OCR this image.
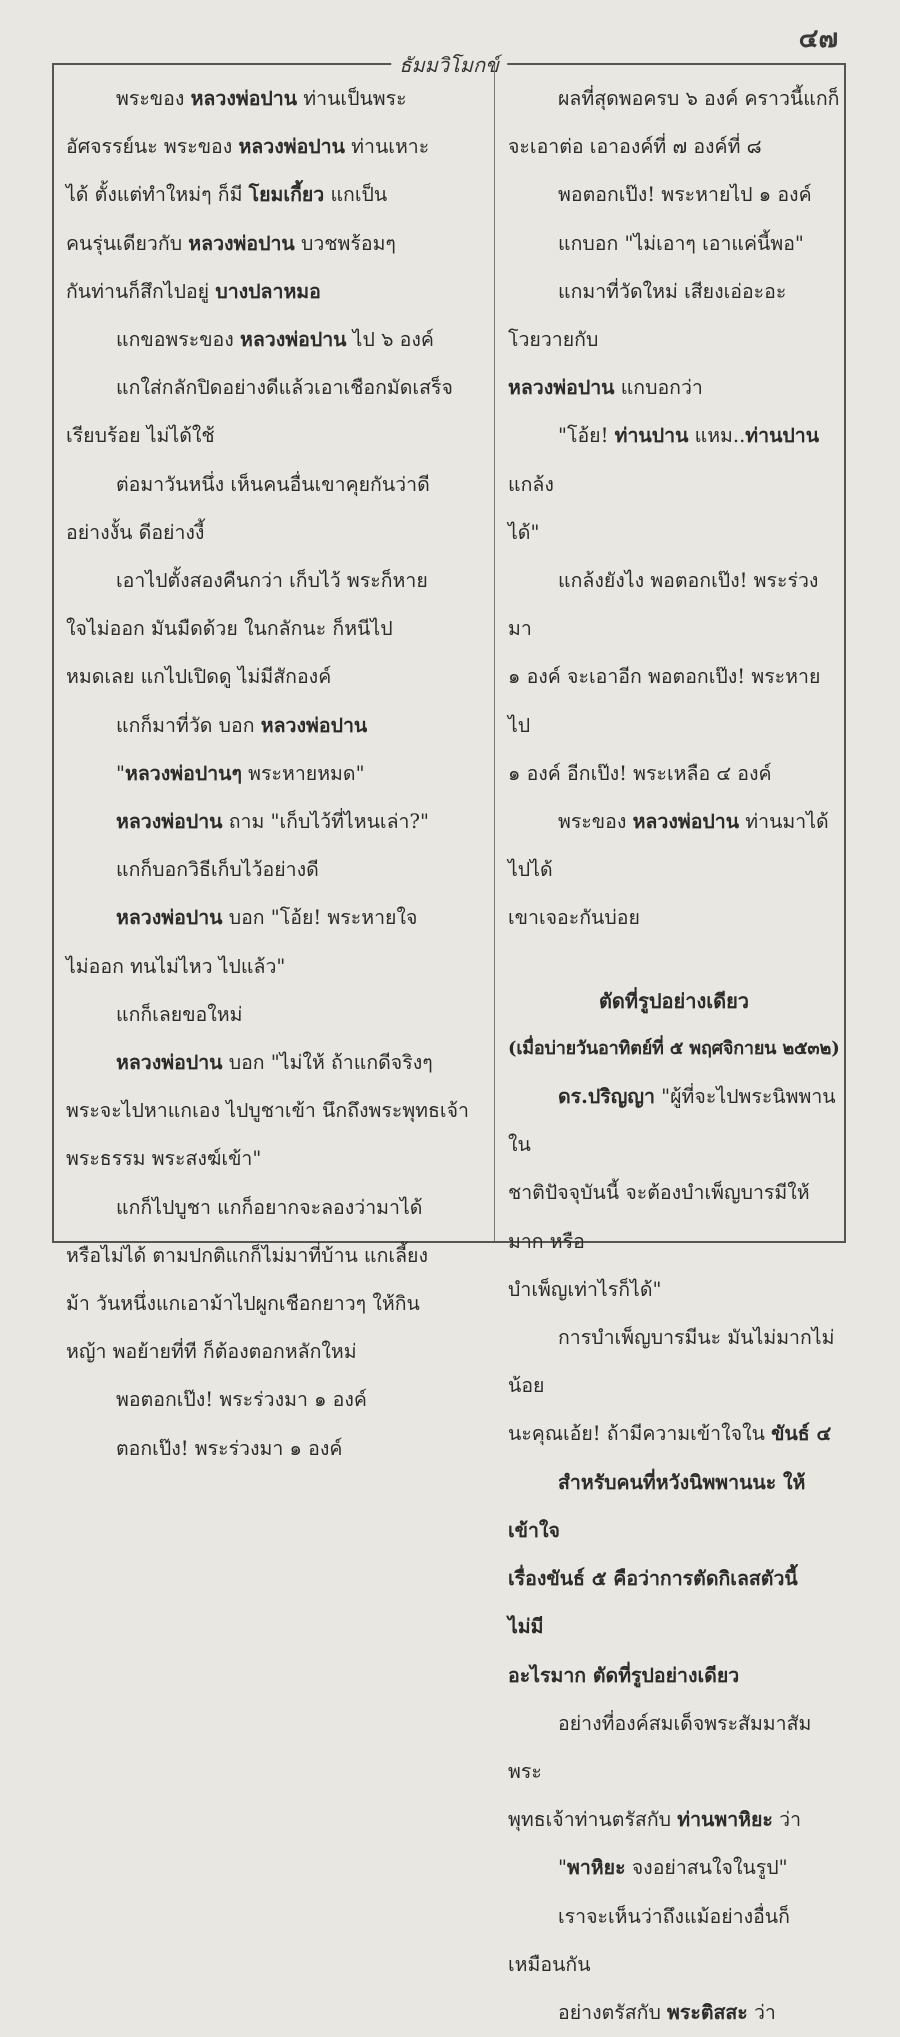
๔๗
ธัมมวิโมกข์

พระของ หลวงพ่อปาน ท่านเป็นพระ

อัศจรรย์นะ พระของ หลวงพ่อปาน ท่านเหาะ

ได้ ตั้งแต่ทำใหม่ๆ ก็มี โยมเกี้ยว แกเป็น

คนรุ่นเดียวกับ หลวงพ่อปาน บวชพร้อมๆ

กันท่านก็สึกไปอยู่ บางปลาหมอ

แกขอพระของ หลวงพ่อปาน ไป ๖ องค์

แกใส่กลักปิดอย่างดีแล้วเอาเชือกมัดเสร็จ

เรียบร้อย ไม่ได้ใช้

ต่อมาวันหนึ่ง เห็นคนอื่นเขาคุยกันว่าดี

อย่างงั้น ดีอย่างงี้

เอาไปตั้งสองคืนกว่า เก็บไว้ พระก็หาย

ใจไม่ออก มันมืดด้วย ในกลักนะ ก็หนีไป

หมดเลย แกไปเปิดดู ไม่มีสักองค์

แกก็มาที่วัด บอก หลวงพ่อปาน

"หลวงพ่อปานๆ พระหายหมด"

หลวงพ่อปาน ถาม "เก็บไว้ที่ไหนเล่า?"

แกก็บอกวิธีเก็บไว้อย่างดี

หลวงพ่อปาน บอก "โอ้ย! พระหายใจ

ไม่ออก ทนไม่ไหว ไปแล้ว"

แกก็เลยขอใหม่

หลวงพ่อปาน บอก "ไม่ให้ ถ้าแกดีจริงๆ

พระจะไปหาแกเอง ไปบูชาเข้า นึกถึงพระพุทธเจ้า

พระธรรม พระสงฆ์เข้า"

แกก็ไปบูชา แกก็อยากจะลองว่ามาได้

หรือไม่ได้ ตามปกติแกก็ไม่มาที่บ้าน แกเลี้ยง

ม้า วันหนึ่งแกเอาม้าไปผูกเชือกยาวๆ ให้กิน

หญ้า พอย้ายที่ที ก็ต้องตอกหลักใหม่

พอตอกเป๊ง! พระร่วงมา ๑ องค์

ตอกเป๊ง! พระร่วงมา ๑ องค์

ผลที่สุดพอครบ ๖ องค์ คราวนี้แกก็

จะเอาต่อ เอาองค์ที่ ๗ องค์ที่ ๘

พอตอกเป๊ง! พระหายไป ๑ องค์

แกบอก "ไม่เอาๆ เอาแค่นี้พอ"

แกมาที่วัดใหม่ เสียงเอ่อะอะโวยวายกับ

หลวงพ่อปาน แกบอกว่า

"โอ้ย! ท่านปาน แหม..ท่านปาน แกล้ง

ได้"

แกล้งยังไง พอตอกเป๊ง! พระร่วงมา

๑ องค์ จะเอาอีก พอตอกเป๊ง! พระหายไป

๑ องค์ อีกเป๊ง! พระเหลือ ๔ องค์

พระของ หลวงพ่อปาน ท่านมาได้ไปได้

เขาเจอะกันบ่อย

ตัดที่รูปอย่างเดียว

(เมื่อบ่ายวันอาทิตย์ที่ ๕ พฤศจิกายน ๒๕๓๒)

ดร.ปริญญา "ผู้ที่จะไปพระนิพพานใน

ชาติปัจจุบันนี้ จะต้องบำเพ็ญบารมีให้มาก หรือ

บำเพ็ญเท่าไรก็ได้"

การบำเพ็ญบารมีนะ มันไม่มากไม่น้อย

นะคุณเอ้ย! ถ้ามีความเข้าใจใน ขันธ์ ๔

สำหรับคนที่หวังนิพพานนะ ให้เข้าใจ

เรื่องขันธ์ ๕ คือว่าการตัดกิเลสตัวนี้ ไม่มี

อะไรมาก ตัดที่รูปอย่างเดียว

อย่างที่องค์สมเด็จพระสัมมาสัมพระ

พุทธเจ้าท่านตรัสกับ ท่านพาหิยะ ว่า

"พาหิยะ จงอย่าสนใจในรูป"

เราจะเห็นว่าถึงแม้อย่างอื่นก็เหมือนกัน

อย่างตรัสกับ พระติสสะ ว่า
